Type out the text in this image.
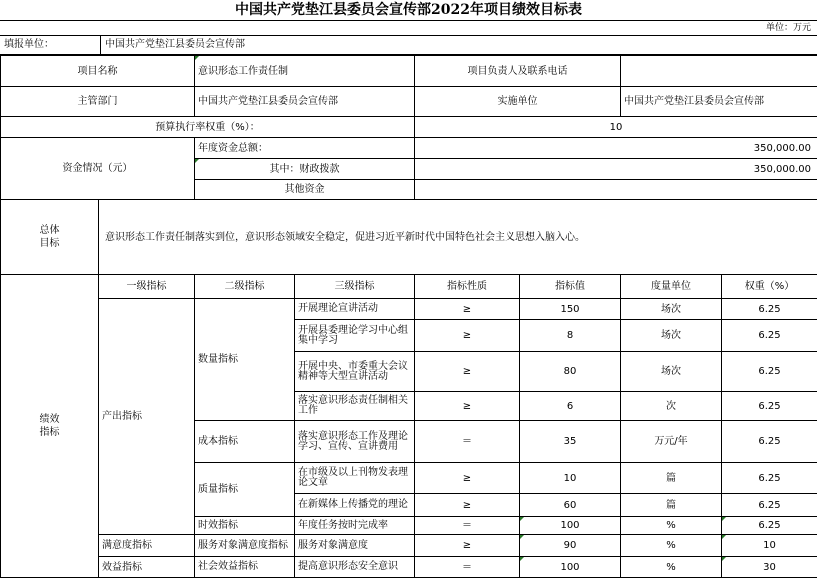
中国共产党垫江县委员会宣传部2022年项目绩效目标表
单位：万元
填报单位：	中国共产党垫江县委员会宣传部
项目名称	意识形态工作责任制	项目负责人及联系电话	
主管部门	中国共产党垫江县委员会宣传部	实施单位	中国共产党垫江县委员会宣传部
预算执行率权重（%）：		10	
资金情况（元）	年度资金总额：	350,000.00	
	其中：财政拨款	350,000.00	
	其他资金		
总体目标	意识形态工作责任制落实到位，意识形态领域安全稳定，促进习近平新时代中国特色社会主义思想入脑入心。
绩效指标	一级指标	二级指标	三级指标	指标性质	指标值	度量单位	权重（%）
	产出指标	数量指标	开展理论宣讲活动	≥	150	场次	6.25
			开展县委理论学习中心组集中学习	≥	8	场次	6.25
			开展中央、市委重大会议精神等大型宣讲活动	≥	80	场次	6.25
			落实意识形态责任制相关工作	≥	6	次	6.25
		成本指标	落实意识形态工作及理论学习、宣传、宣讲费用	＝	35	万元/年	6.25
		质量指标	在市级及以上刊物发表理论文章	≥	10	篇	6.25
			在新媒体上传播党的理论	≥	60	篇	6.25
		时效指标	年度任务按时完成率	＝	100	%	6.25
	满意度指标	服务对象满意度指标	服务对象满意度	≥	90	%	10
	效益指标	社会效益指标	提高意识形态安全意识	＝	100	%	30
